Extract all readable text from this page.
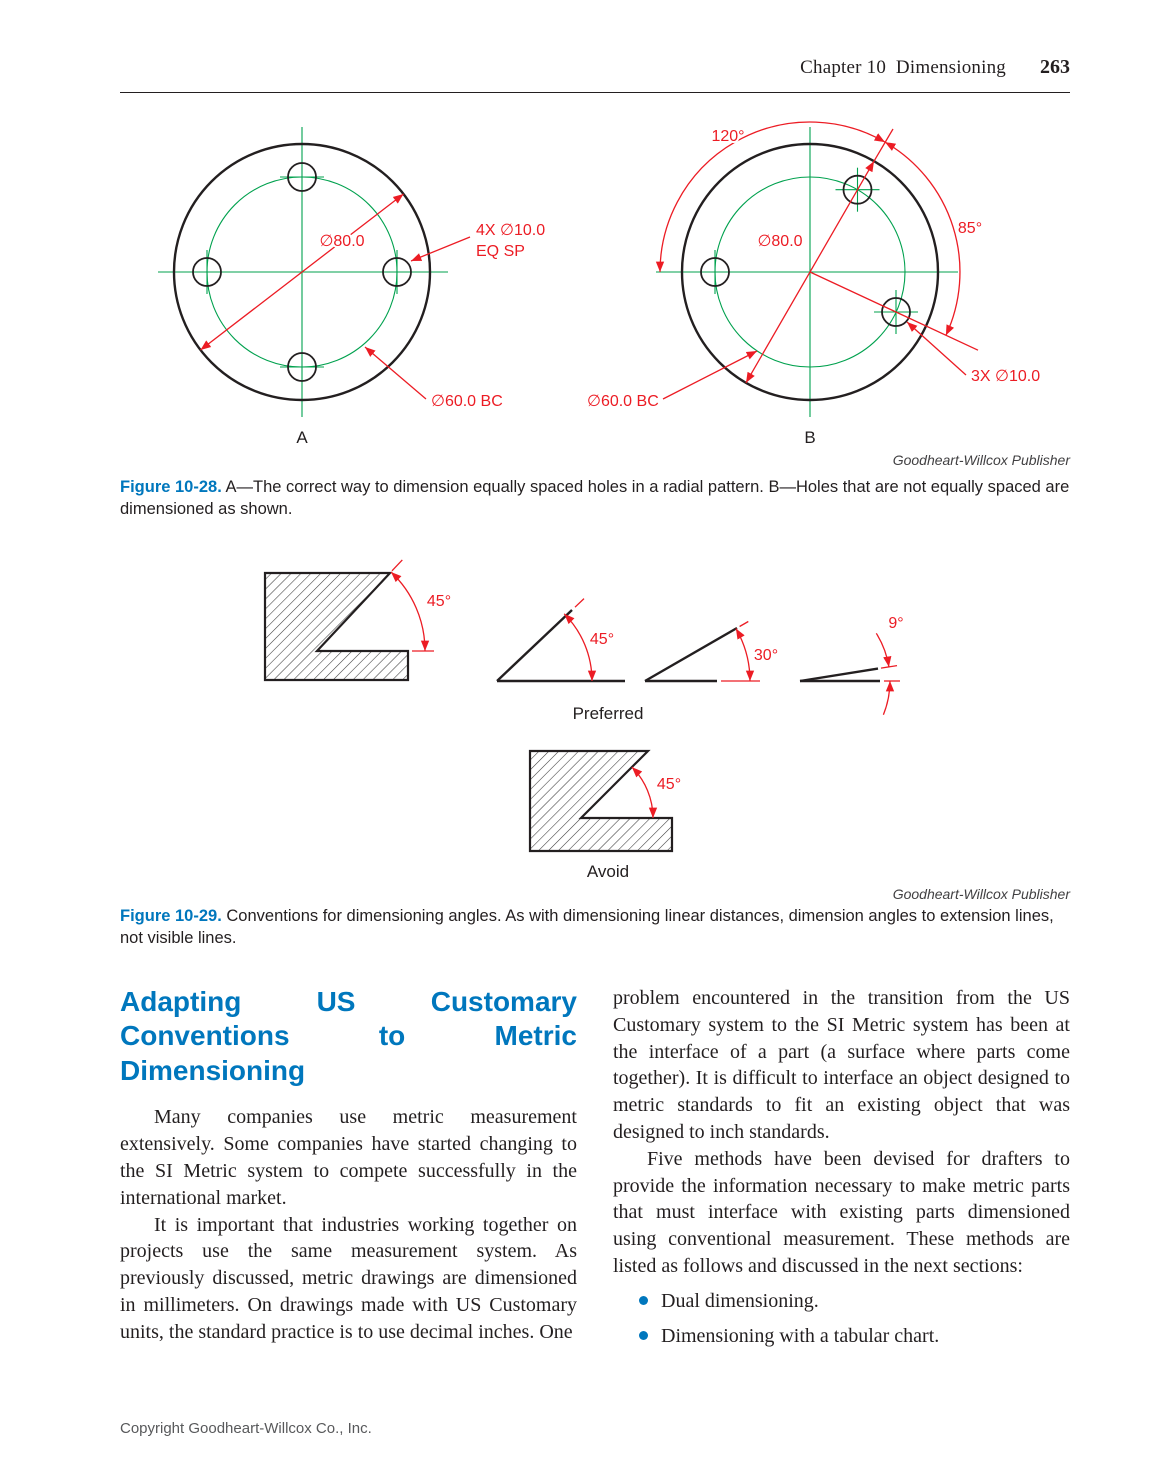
Chapter 10  Dimensioning 263
∅80.0
4X ∅10.0
EQ SP
∅60.0 BC
A
120°
85°
∅80.0
3X ∅10.0
∅60.0 BC
B
Goodheart-Willcox Publisher
Figure 10-28. A—The correct way to dimension equally spaced holes in a radial pattern. B—Holes that are not equally spaced are dimensioned as shown.
45°
45°
30°
9°
Preferred
45°
Avoid
Goodheart-Willcox Publisher
Figure 10-29. Conventions for dimensioning angles. As with dimensioning linear distances, dimension angles to extension lines, not visible lines.
Adapting US Customary Conventions to Metric Dimensioning

Many companies use metric measurement extensively. Some companies have started changing to the SI Metric system to compete successfully in the international market.

It is important that industries working together on projects use the same measurement system. As previously discussed, metric drawings are dimensioned in millimeters. On drawings made with US Customary units, the standard practice is to use decimal inches. One

problem encountered in the transition from the US Customary system to the SI Metric system has been at the interface of a part (a surface where parts come together). It is difficult to interface an object designed to metric standards to fit an existing object that was designed to inch standards.

Five methods have been devised for drafters to provide the information necessary to make metric parts that must interface with existing parts dimensioned using conventional measurement. These methods are listed as follows and discussed in the next sections:

Dual dimensioning.
Dimensioning with a tabular chart.
Copyright Goodheart-Willcox Co., Inc.
